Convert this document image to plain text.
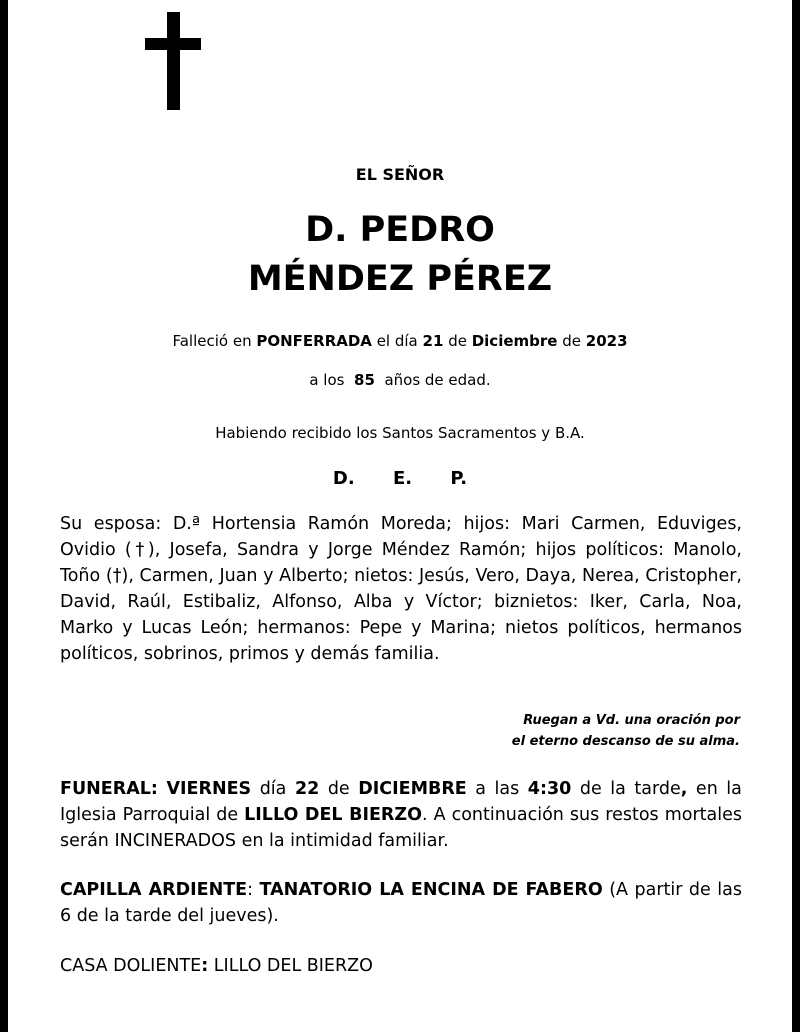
EL SEÑOR
D. PEDRO
MÉNDEZ PÉREZ
Falleció en PONFERRADA el día 21 de Diciembre de 2023
a los 85 años de edad.
Habiendo recibido los Santos Sacramentos y B.A.
D. E. P.
Su esposa: D.ª Hortensia Ramón Moreda; hijos: Mari Carmen, Eduviges, Ovidio (†), Josefa, Sandra y Jorge Méndez Ramón; hijos políticos: Manolo, Toño (†), Carmen, Juan y Alberto; nietos: Jesús, Vero, Daya, Nerea, Cristopher, David, Raúl, Estibaliz, Alfonso, Alba y Víctor; biznietos: Iker, Carla, Noa, Marko y Lucas León; hermanos: Pepe y Marina; nietos políticos, hermanos políticos, sobrinos, primos y demás familia.
Ruegan a Vd. una oración por
el eterno descanso de su alma.
FUNERAL: VIERNES día 22 de DICIEMBRE a las 4:30 de la tarde, en la Iglesia Parroquial de LILLO DEL BIERZO. A continuación sus restos mortales serán INCINERADOS en la intimidad familiar.
CAPILLA ARDIENTE: TANATORIO LA ENCINA DE FABERO (A partir de las 6 de la tarde del jueves).
CASA DOLIENTE: LILLO DEL BIERZO
